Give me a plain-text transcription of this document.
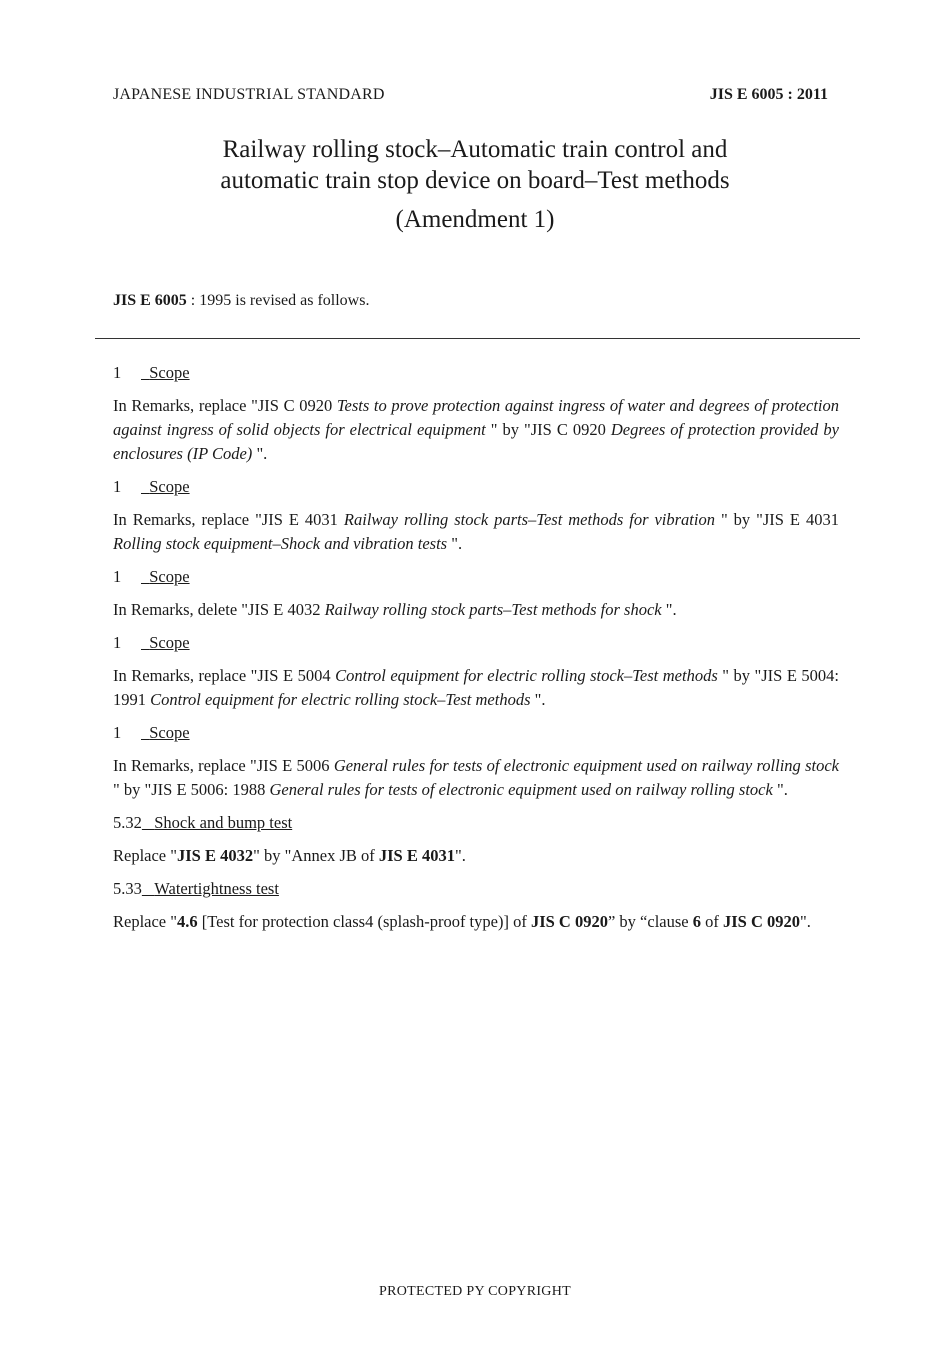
JAPANESE INDUSTRIAL STANDARD	JIS E 6005 : 2011
Railway rolling stock–Automatic train control and
automatic train stop device on board–Test methods
(Amendment 1)
JIS E 6005 : 1995 is revised as follows.
1 Scope
In Remarks, replace "JIS C 0920 Tests to prove protection against ingress of water and degrees of protection against ingress of solid objects for electrical equipment " by "JIS C 0920 Degrees of protection provided by enclosures (IP Code) ".
1 Scope
In Remarks, replace "JIS E 4031 Railway rolling stock parts–Test methods for vibration " by "JIS E 4031 Rolling stock equipment–Shock and vibration tests ".
1 Scope
In Remarks, delete "JIS E 4032 Railway rolling stock parts–Test methods for shock ".
1 Scope
In Remarks, replace "JIS E 5004 Control equipment for electric rolling stock–Test methods " by "JIS E 5004: 1991 Control equipment for electric rolling stock–Test methods ".
1 Scope
In Remarks, replace "JIS E 5006 General rules for tests of electronic equipment used on railway rolling stock " by "JIS E 5006: 1988 General rules for tests of electronic equipment used on railway rolling stock ".
5.32 Shock and bump test
Replace "JIS E 4032" by "Annex JB of JIS E 4031".
5.33 Watertightness test
Replace "4.6 [Test for protection class4 (splash-proof type)] of JIS C 0920” by “clause 6 of JIS C 0920".
PROTECTED PY COPYRIGHT
